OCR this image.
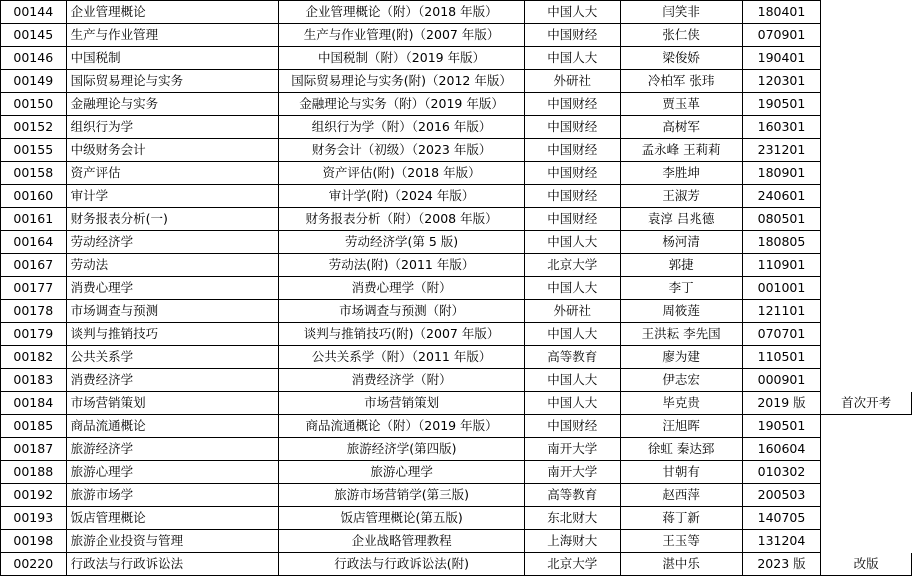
00144	企业管理概论	企业管理概论（附）（2018 年版）	中国人大	闫笑非	180401	
00145	生产与作业管理	生产与作业管理(附)（2007 年版）	中国财经	张仁侠	070901	
00146	中国税制	中国税制（附）（2019 年版）	中国人大	梁俊娇	190401	
00149	国际贸易理论与实务	国际贸易理论与实务(附)（2012 年版）	外研社	冷柏军 张玮	120301	
00150	金融理论与实务	金融理论与实务（附）（2019 年版）	中国财经	贾玉革	190501	
00152	组织行为学	组织行为学（附）（2016 年版）	中国财经	高树军	160301	
00155	中级财务会计	财务会计（初级）（2023 年版）	中国财经	孟永峰 王莉莉	231201	
00158	资产评估	资产评估(附)（2018 年版）	中国财经	李胜坤	180901	
00160	审计学	审计学(附)（2024 年版）	中国财经	王淑芳	240601	
00161	财务报表分析(一)	财务报表分析（附）（2008 年版）	中国财经	袁淳 吕兆德	080501	
00164	劳动经济学	劳动经济学(第 5 版)	中国人大	杨河清	180805	
00167	劳动法	劳动法(附)（2011 年版）	北京大学	郭捷	110901	
00177	消费心理学	消费心理学（附）	中国人大	李丁	001001	
00178	市场调查与预测	市场调查与预测（附）	外研社	周筱莲	121101	
00179	谈判与推销技巧	谈判与推销技巧(附)（2007 年版）	中国人大	王洪耘 李先国	070701	
00182	公共关系学	公共关系学（附）（2011 年版）	高等教育	廖为建	110501	
00183	消费经济学	消费经济学（附）	中国人大	伊志宏	000901	
00184	市场营销策划	市场营销策划	中国人大	毕克贵	2019 版	首次开考
00185	商品流通概论	商品流通概论（附）（2019 年版）	中国财经	汪旭晖	190501	
00187	旅游经济学	旅游经济学(第四版)	南开大学	徐虹 秦达郅	160604	
00188	旅游心理学	旅游心理学	南开大学	甘朝有	010302	
00192	旅游市场学	旅游市场营销学(第三版)	高等教育	赵西萍	200503	
00193	饭店管理概论	饭店管理概论(第五版)	东北财大	蒋丁新	140705	
00198	旅游企业投资与管理	企业战略管理教程	上海财大	王玉等	131204	
00220	行政法与行政诉讼法	行政法与行政诉讼法(附)	北京大学	湛中乐	2023 版	改版
